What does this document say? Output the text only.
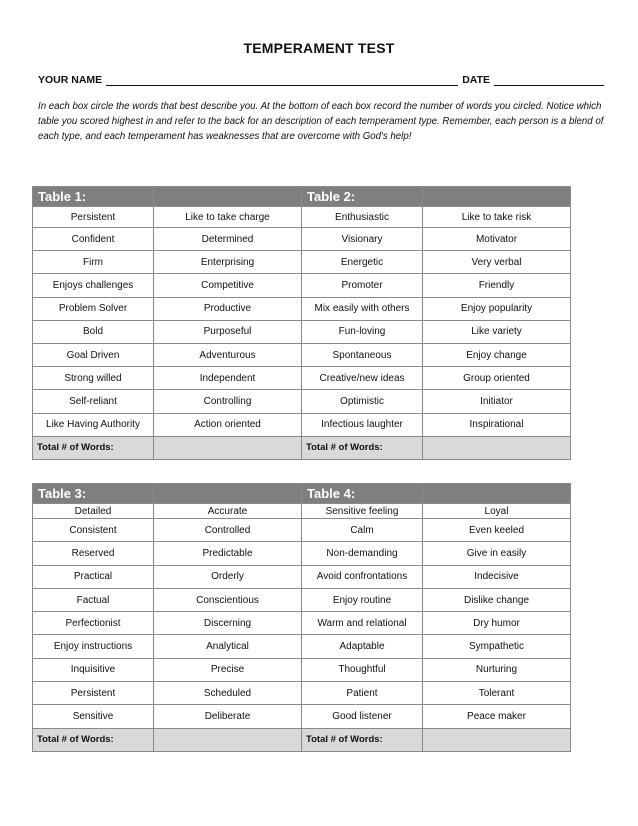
TEMPERAMENT TEST
YOUR NAME	DATE
In each box circle the words that best describe you. At the bottom of each box record the number of words you circled. Notice which table you scored highest in and refer to the back for an description of each temperament type. Remember, each person is a blend of each type, and each temperament has weaknesses that are overcome with God's help!
Table 1:	
Persistent	Like to take charge
Confident	Determined
Firm	Enterprising
Enjoys challenges	Competitive
Problem Solver	Productive
Bold	Purposeful
Goal Driven	Adventurous
Strong willed	Independent
Self-reliant	Controlling
Like Having Authority	Action oriented
Total # of Words:	
Table 2:	
Enthusiastic	Like to take risk
Visionary	Motivator
Energetic	Very verbal
Promoter	Friendly
Mix easily with others	Enjoy popularity
Fun-loving	Like variety
Spontaneous	Enjoy change
Creative/new ideas	Group oriented
Optimistic	Initiator
Infectious laughter	Inspirational
Total # of Words:	
Table 3:	
Detailed	Accurate
Consistent	Controlled
Reserved	Predictable
Practical	Orderly
Factual	Conscientious
Perfectionist	Discerning
Enjoy instructions	Analytical
Inquisitive	Precise
Persistent	Scheduled
Sensitive	Deliberate
Total # of Words:	
Table 4:	
Sensitive feeling	Loyal
Calm	Even keeled
Non-demanding	Give in easily
Avoid confrontations	Indecisive
Enjoy routine	Dislike change
Warm and relational	Dry humor
Adaptable	Sympathetic
Thoughtful	Nurturing
Patient	Tolerant
Good listener	Peace maker
Total # of Words:	
